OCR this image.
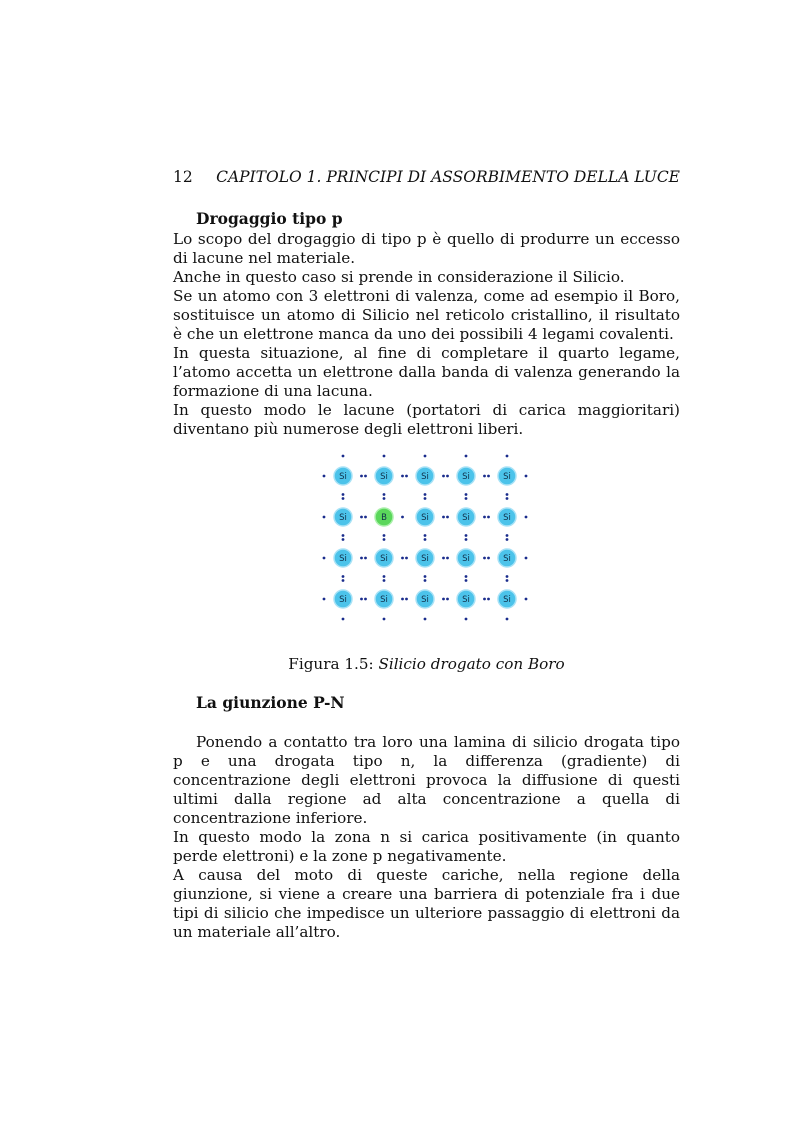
12 CAPITOLO 1. PRINCIPI DI ASSORBIMENTO DELLA LUCE
Drogaggio tipo p

Lo scopo del drogaggio di tipo p è quello di produrre un eccesso di lacune nel materiale.

Anche in questo caso si prende in considerazione il Silicio.

Se un atomo con 3 elettroni di valenza, come ad esempio il Boro, sostituisce un atomo di Silicio nel reticolo cristallino, il risultato è che un elettrone manca da uno dei possibili 4 legami covalenti.

In questa situazione, al fine di completare il quarto legame, l’atomo accetta un elettrone dalla banda di valenza generando la formazione di una lacuna.

In questo modo le lacune (portatori di carica maggioritari) diventano più numerose degli elettroni liberi.

Si	Si	Si	Si	Si
Si	B	Si	Si	Si
Si	Si	Si	Si	Si
Si	Si	Si	Si	Si
Figura 1.5: Silicio drogato con Boro
La giunzione P-N

Ponendo a contatto tra loro una lamina di silicio drogata tipo p e una drogata tipo n, la differenza (gradiente) di concentrazione degli elettroni provoca la diffusione di questi ultimi dalla regione ad alta concentrazione a quella di concentrazione inferiore.

In questo modo la zona n si carica positivamente (in quanto perde elettroni) e la zone p negativamente.

A causa del moto di queste cariche, nella regione della giunzione, si viene a creare una barriera di potenziale fra i due tipi di silicio che impedisce un ulteriore passaggio di elettroni da un materiale all’altro.
